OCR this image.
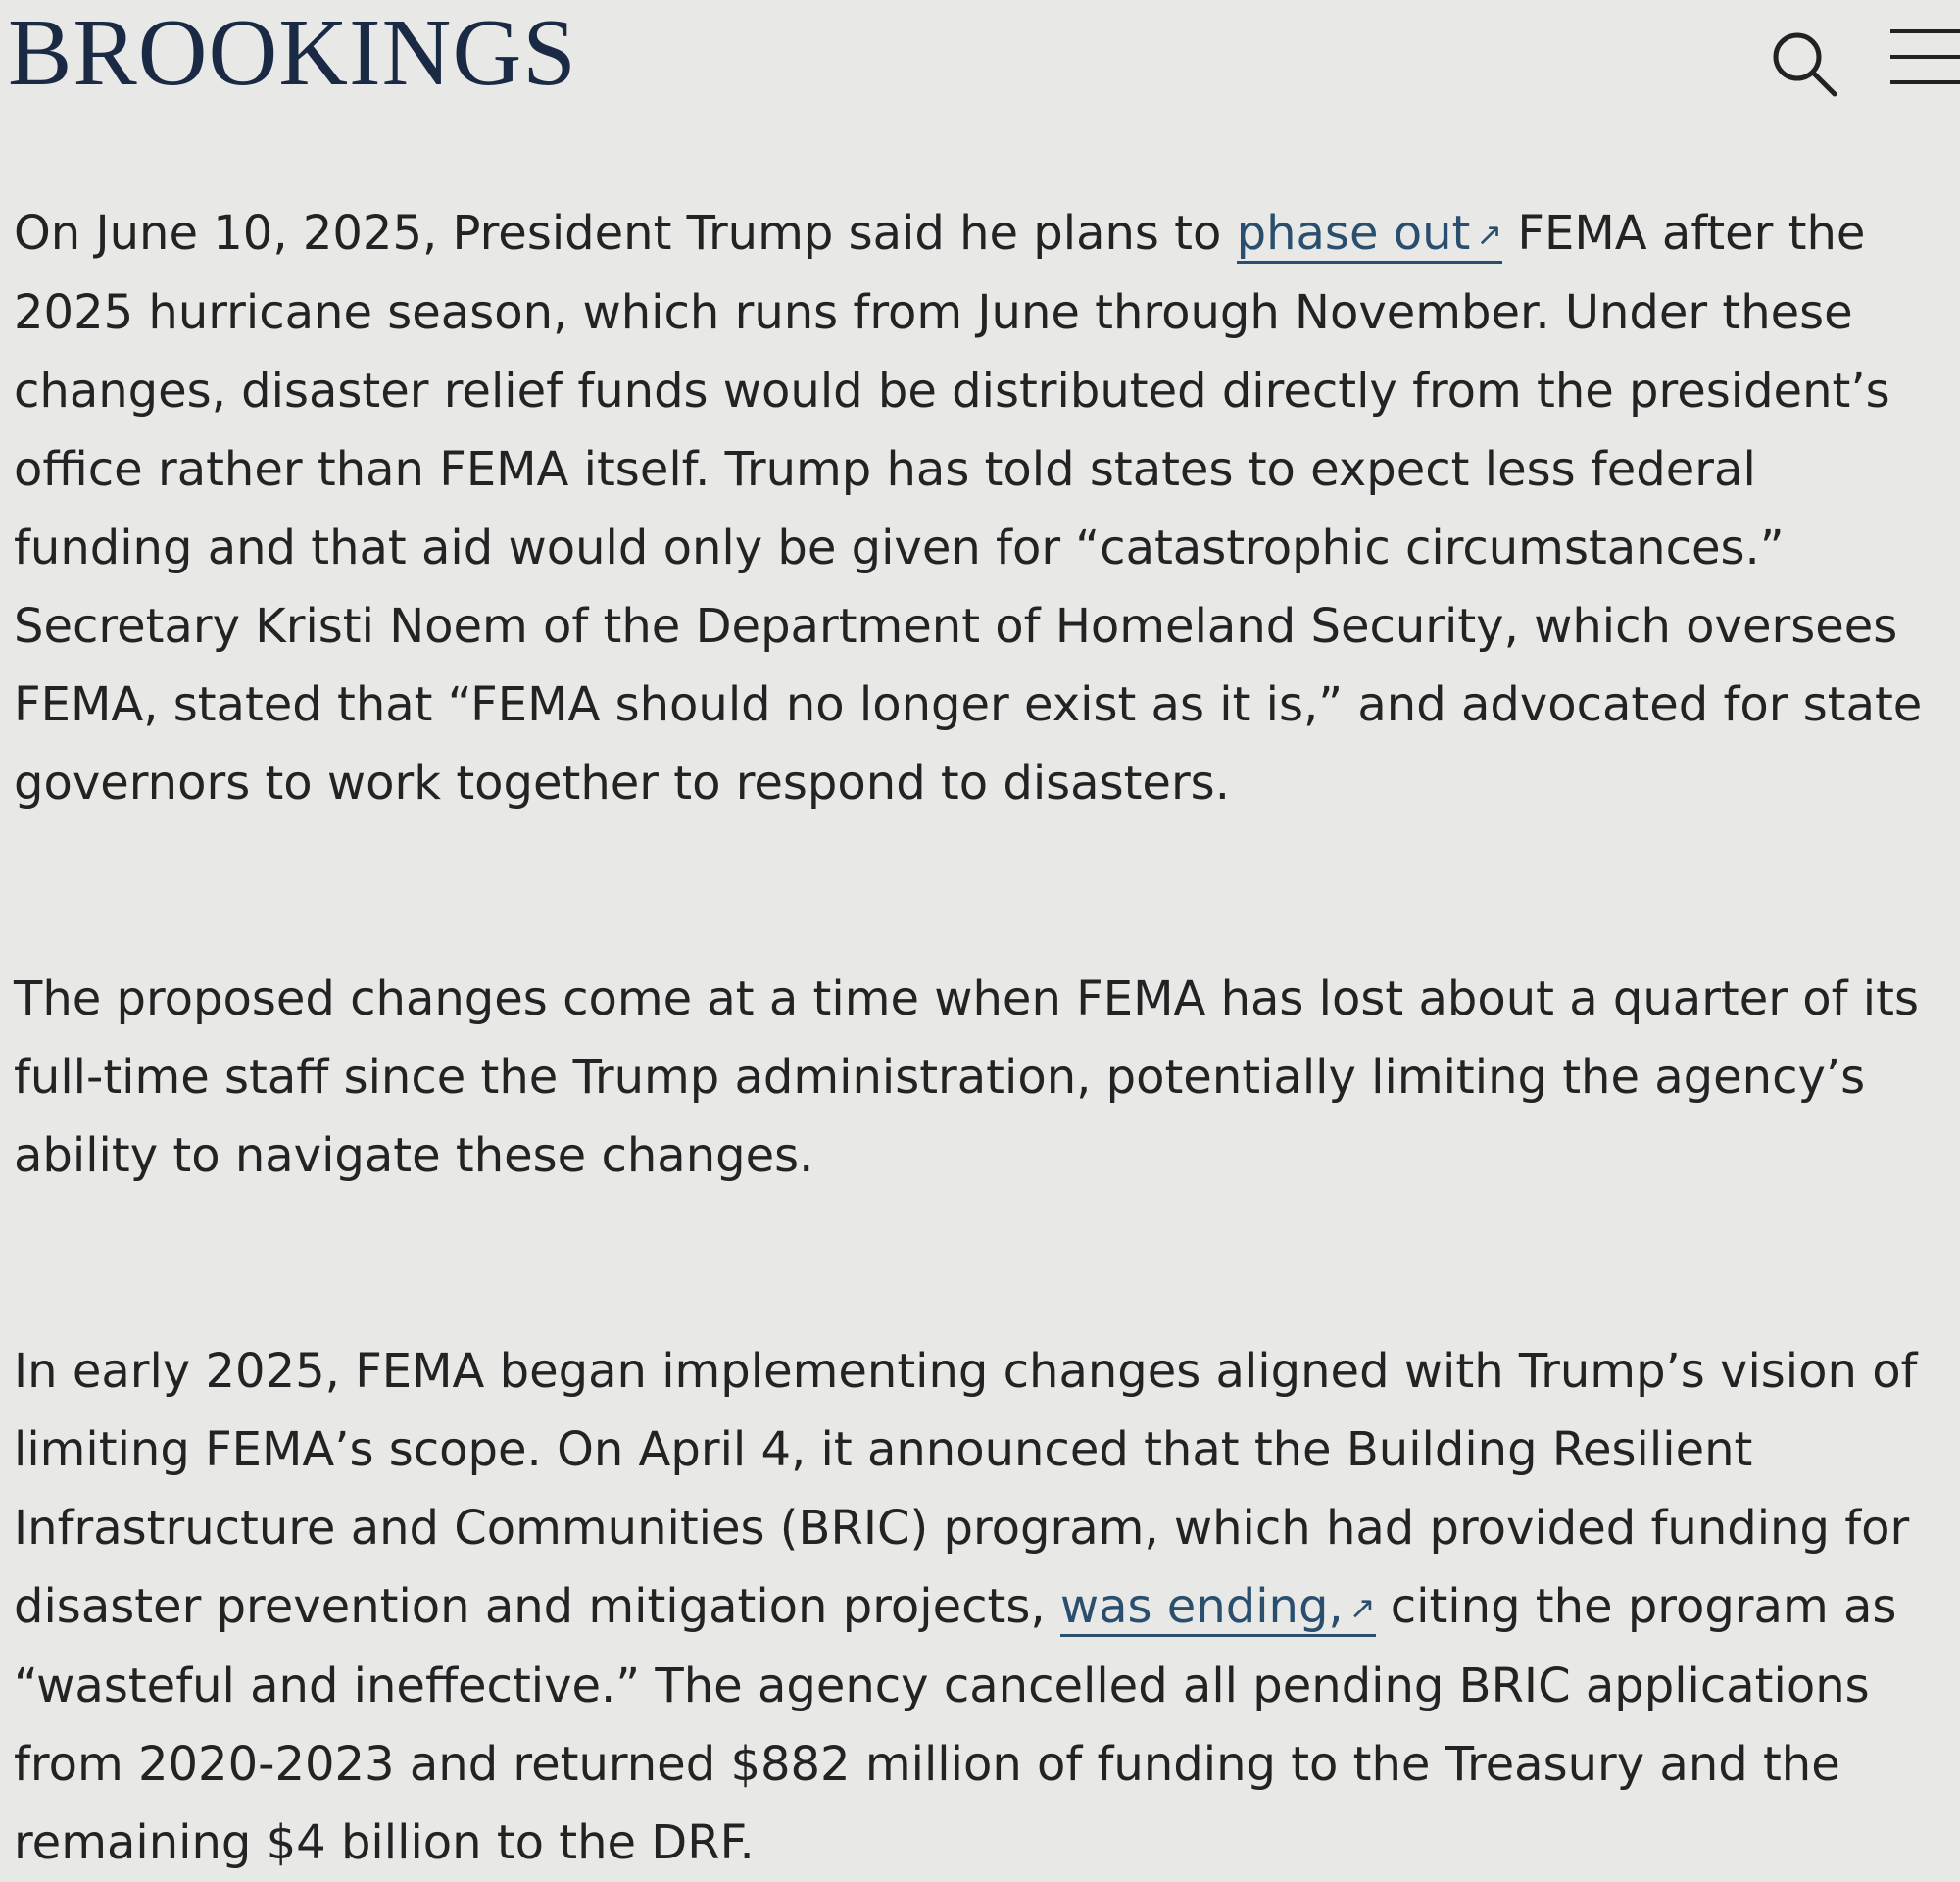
BROOKINGS

On June 10, 2025, President Trump said he plans to phase out ↗ FEMA after the 2025 hurricane season, which runs from June through November. Under these changes, disaster relief funds would be distributed directly from the president’s office rather than FEMA itself. Trump has told states to expect less federal funding and that aid would only be given for “catastrophic circumstances.” Secretary Kristi Noem of the Department of Homeland Security, which oversees FEMA, stated that “FEMA should no longer exist as it is,” and advocated for state governors to work together to respond to disasters.

The proposed changes come at a time when FEMA has lost about a quarter of its full-time staff since the Trump administration, potentially limiting the agency’s ability to navigate these changes.

In early 2025, FEMA began implementing changes aligned with Trump’s vision of limiting FEMA’s scope. On April 4, it announced that the Building Resilient Infrastructure and Communities (BRIC) program, which had provided funding for disaster prevention and mitigation projects, was ending, ↗ citing the program as “wasteful and ineffective.” The agency cancelled all pending BRIC applications from 2020-2023 and returned $882 million of funding to the Treasury and the remaining $4 billion to the DRF.
